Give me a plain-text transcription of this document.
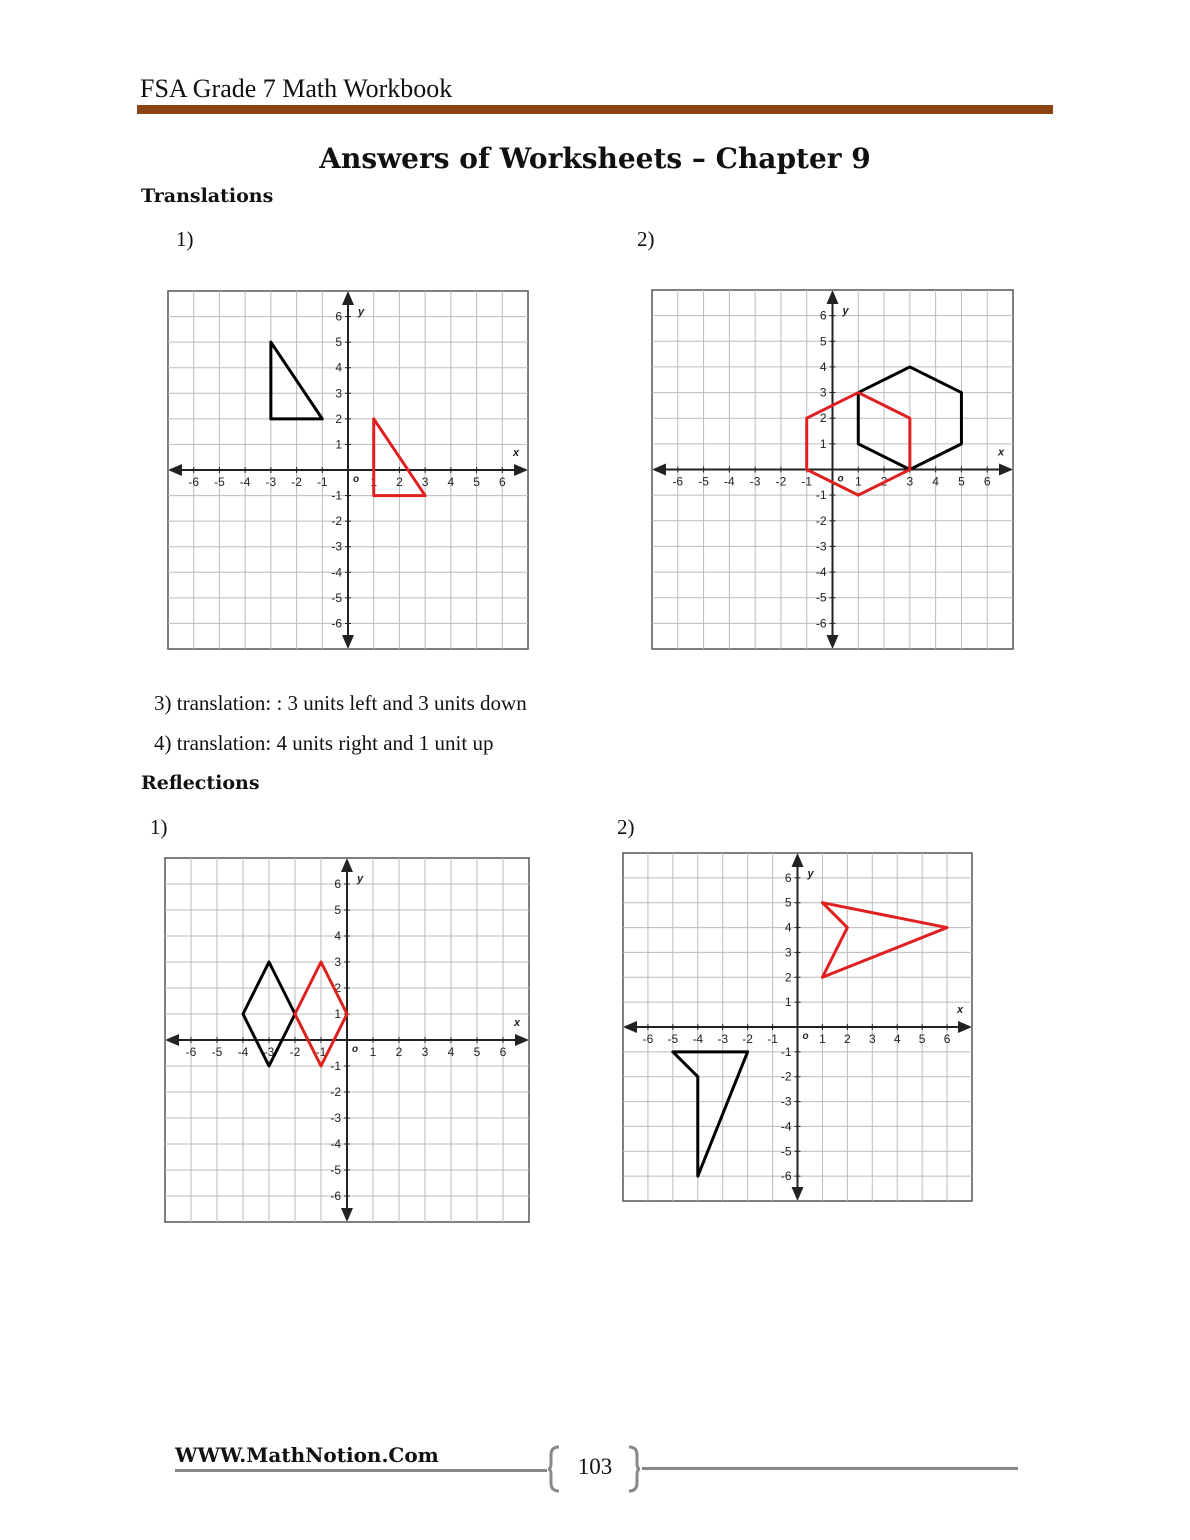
FSA Grade 7 Math Workbook
Answers of Worksheets – Chapter 9
Translations
1)	2)
-6
-6
-5
-5
-4
-4
-3
-3
-2
-2
-1
-1
1
1
2
2
3
3
4
4
5
5
6
6
x
y
o	-6
-6
-5
-5
-4
-4
-3
-3
-2
-2
-1
-1
1
1
2
2
3
3
4
4
5
5
6
6
x
y
o
3) translation: : 3 units left and 3 units down
4) translation: 4 units right and 1 unit up
Reflections
1)	2)
-6
-6
-5
-5
-4
-4
-3
-3
-2
-2
-1
-1
1
1
2
2
3
3
4
4
5
5
6
6
x
y
o
-6
-6
-5
-5
-4
-4
-3
-3
-2
-2
-1
-1
1
1
2
2
3
3
4
4
5
5
6
6
x
y
o
WWW.MathNotion.Com	103
